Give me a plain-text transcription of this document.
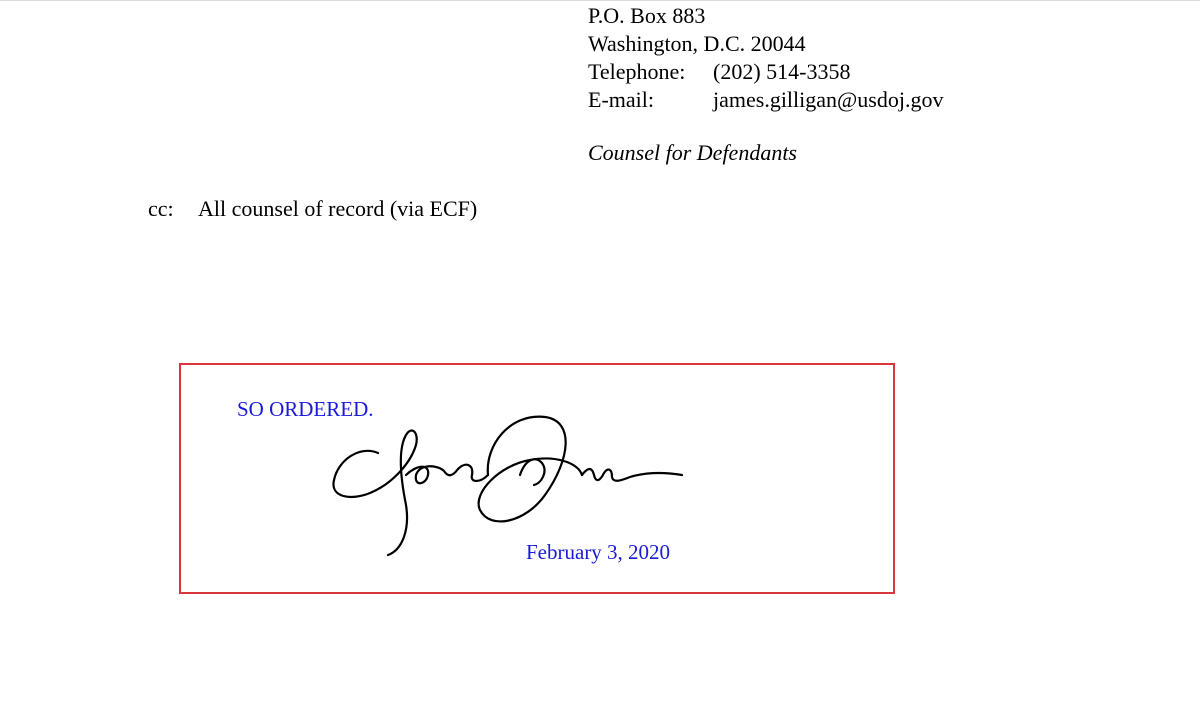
P.O. Box 883
Washington, D.C. 20044
Telephone: (202) 514-3358
E-mail:	james.gilligan@usdoj.gov
Counsel for Defendants
cc: All counsel of record (via ECF)
SO ORDERED.
February 3, 2020
